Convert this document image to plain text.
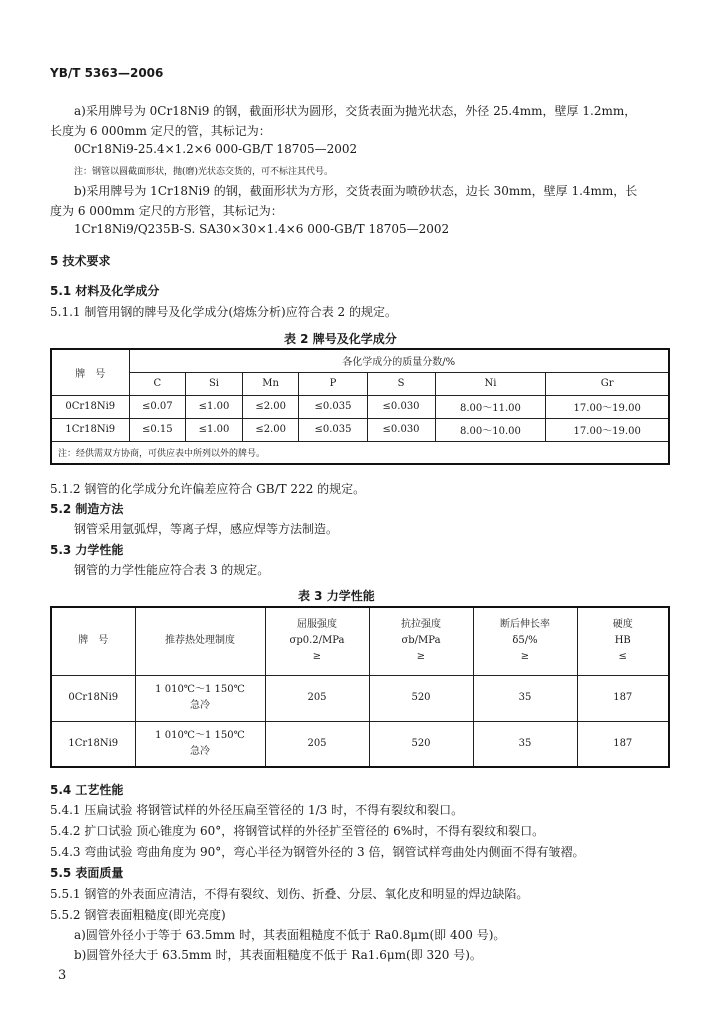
YB/T 5363—2006
a)采用牌号为 0Cr18Ni9 的钢，截面形状为圆形，交货表面为抛光状态，外径 25.4mm，壁厚 1.2mm，
长度为 6 000mm 定尺的管，其标记为：
0Cr18Ni9-25.4×1.2×6 000-GB/T 18705—2002
注：钢管以圆截面形状，抛(磨)光状态交货的，可不标注其代号。
b)采用牌号为 1Cr18Ni9 的钢，截面形状为方形，交货表面为喷砂状态，边长 30mm，壁厚 1.4mm，长
度为 6 000mm 定尺的方形管，其标记为：
1Cr18Ni9/Q235B-S. SA30×30×1.4×6 000-GB/T 18705—2002
5 技术要求
5.1 材料及化学成分
5.1.1 制管用钢的牌号及化学成分(熔炼分析)应符合表 2 的规定。
表 2 牌号及化学成分
牌　号	各化学成分的质量分数/%						
	C	Si	Mn	P	S	Ni	Gr
0Cr18Ni9	≤0.07	≤1.00	≤2.00	≤0.035	≤0.030	8.00～11.00	17.00～19.00
1Cr18Ni9	≤0.15	≤1.00	≤2.00	≤0.035	≤0.030	8.00～10.00	17.00～19.00
注：经供需双方协商，可供应表中所列以外的牌号。							
5.1.2 钢管的化学成分允许偏差应符合 GB/T 222 的规定。
5.2 制造方法
钢管采用氩弧焊，等离子焊，感应焊等方法制造。
5.3 力学性能
钢管的力学性能应符合表 3 的规定。
表 3 力学性能
牌　号	推荐热处理制度	屈服强度
σp0.2/MPa
≥	抗拉强度
σb/MPa
≥	断后伸长率
δ5/%
≥	硬度
HB
≤

0Cr18Ni9	1 010℃～1 150℃
急冷	205	520	35	187
1Cr18Ni9	1 010℃～1 150℃
急冷	205	520	35	187
5.4 工艺性能
5.4.1 压扁试验 将钢管试样的外径压扁至管径的 1/3 时，不得有裂纹和裂口。
5.4.2 扩口试验 顶心锥度为 60°，将钢管试样的外径扩至管径的 6%时，不得有裂纹和裂口。
5.4.3 弯曲试验 弯曲角度为 90°，弯心半径为钢管外径的 3 倍，钢管试样弯曲处内侧面不得有皱褶。
5.5 表面质量
5.5.1 钢管的外表面应清洁，不得有裂纹、划伤、折叠、分层、氧化皮和明显的焊边缺陷。
5.5.2 钢管表面粗糙度(即光亮度)
a)圆管外径小于等于 63.5mm 时，其表面粗糙度不低于 Ra0.8μm(即 400 号)。
b)圆管外径大于 63.5mm 时，其表面粗糙度不低于 Ra1.6μm(即 320 号)。
3
